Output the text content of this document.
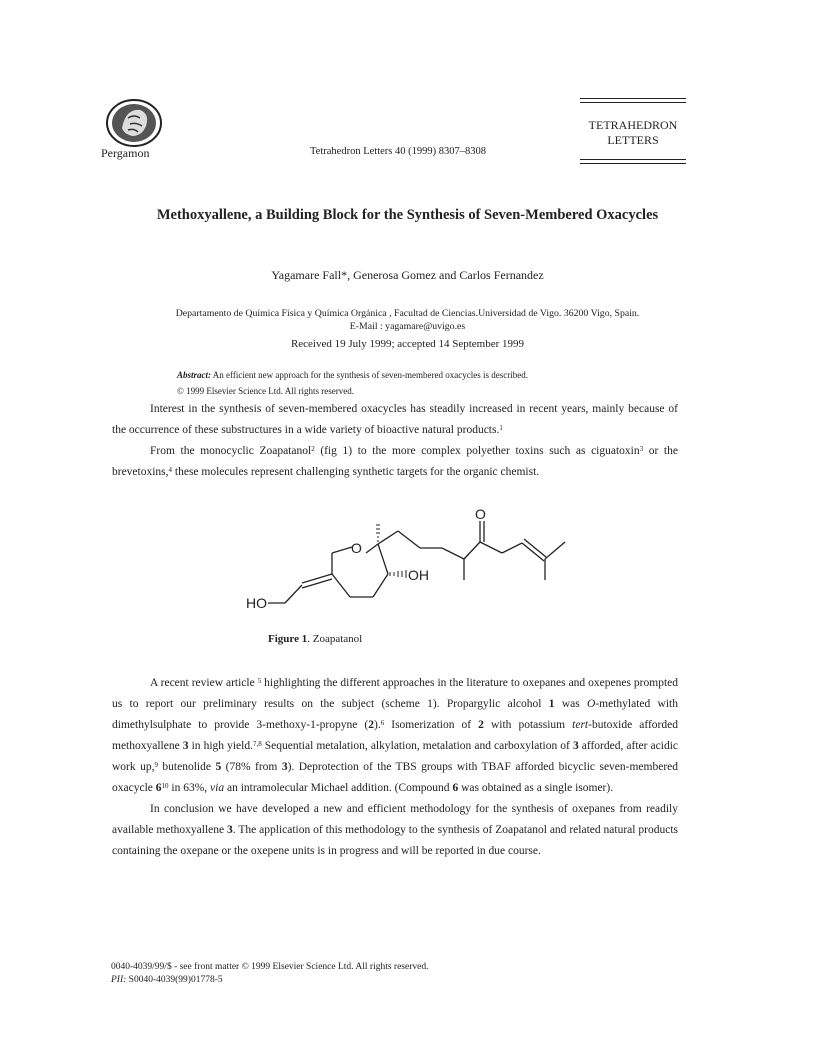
Pergamon	Tetrahedron Letters 40 (1999) 8307–8308
TETRAHEDRON
LETTERS
Methoxyallene, a Building Block for the Synthesis of Seven-Membered Oxacycles
Yagamare Fall*, Generosa Gomez and Carlos Fernandez
Departamento de Química Física y Química Orgánica , Facultad de Ciencias.Universidad de Vigo. 36200 Vigo, Spain.
E-Mail : yagamare@uvigo.es
Received 19 July 1999; accepted 14 September 1999
Abstract: An efficient new approach for the synthesis of seven-membered oxacycles is described.
© 1999 Elsevier Science Ltd. All rights reserved.

Interest in the synthesis of seven-membered oxacycles has steadily increased in recent years, mainly because of the occurrence of these substructures in a wide variety of bioactive natural products.$^1$

From the monocyclic Zoapatanol$^2$ (fig 1) to the more complex polyether toxins such as ciguatoxin$^3$ or the brevetoxins,$^4$ these molecules represent challenging synthetic targets for the organic chemist.

O
O
OH
HO
Figure 1. Zoapatanol

A recent review article $^5$ highlighting the different approaches in the literature to oxepanes and oxepenes prompted us to report our preliminary results on the subject (scheme 1). Propargylic alcohol 1 was O-methylated with dimethylsulphate to provide 3-methoxy-1-propyne (2).$^6$ Isomerization of 2 with potassium tert-butoxide afforded methoxyallene 3 in high yield.$^{7,8}$ Sequential metalation, alkylation, metalation and carboxylation of 3 afforded, after acidic work up,$^9$ butenolide 5 (78% from 3). Deprotection of the TBS groups with TBAF afforded bicyclic seven-membered oxacycle $6^{10}$ in 63%, via an intramolecular Michael addition. (Compound 6 was obtained as a single isomer).

In conclusion we have developed a new and efficient methodology for the synthesis of oxepanes from readily available methoxyallene 3. The application of this methodology to the synthesis of Zoapatanol and related natural products containing the oxepane or the oxepene units is in progress and will be reported in due course.

0040-4039/99/$ - see front matter © 1999 Elsevier Science Ltd. All rights reserved.
PII: S0040-4039(99)01778-5
